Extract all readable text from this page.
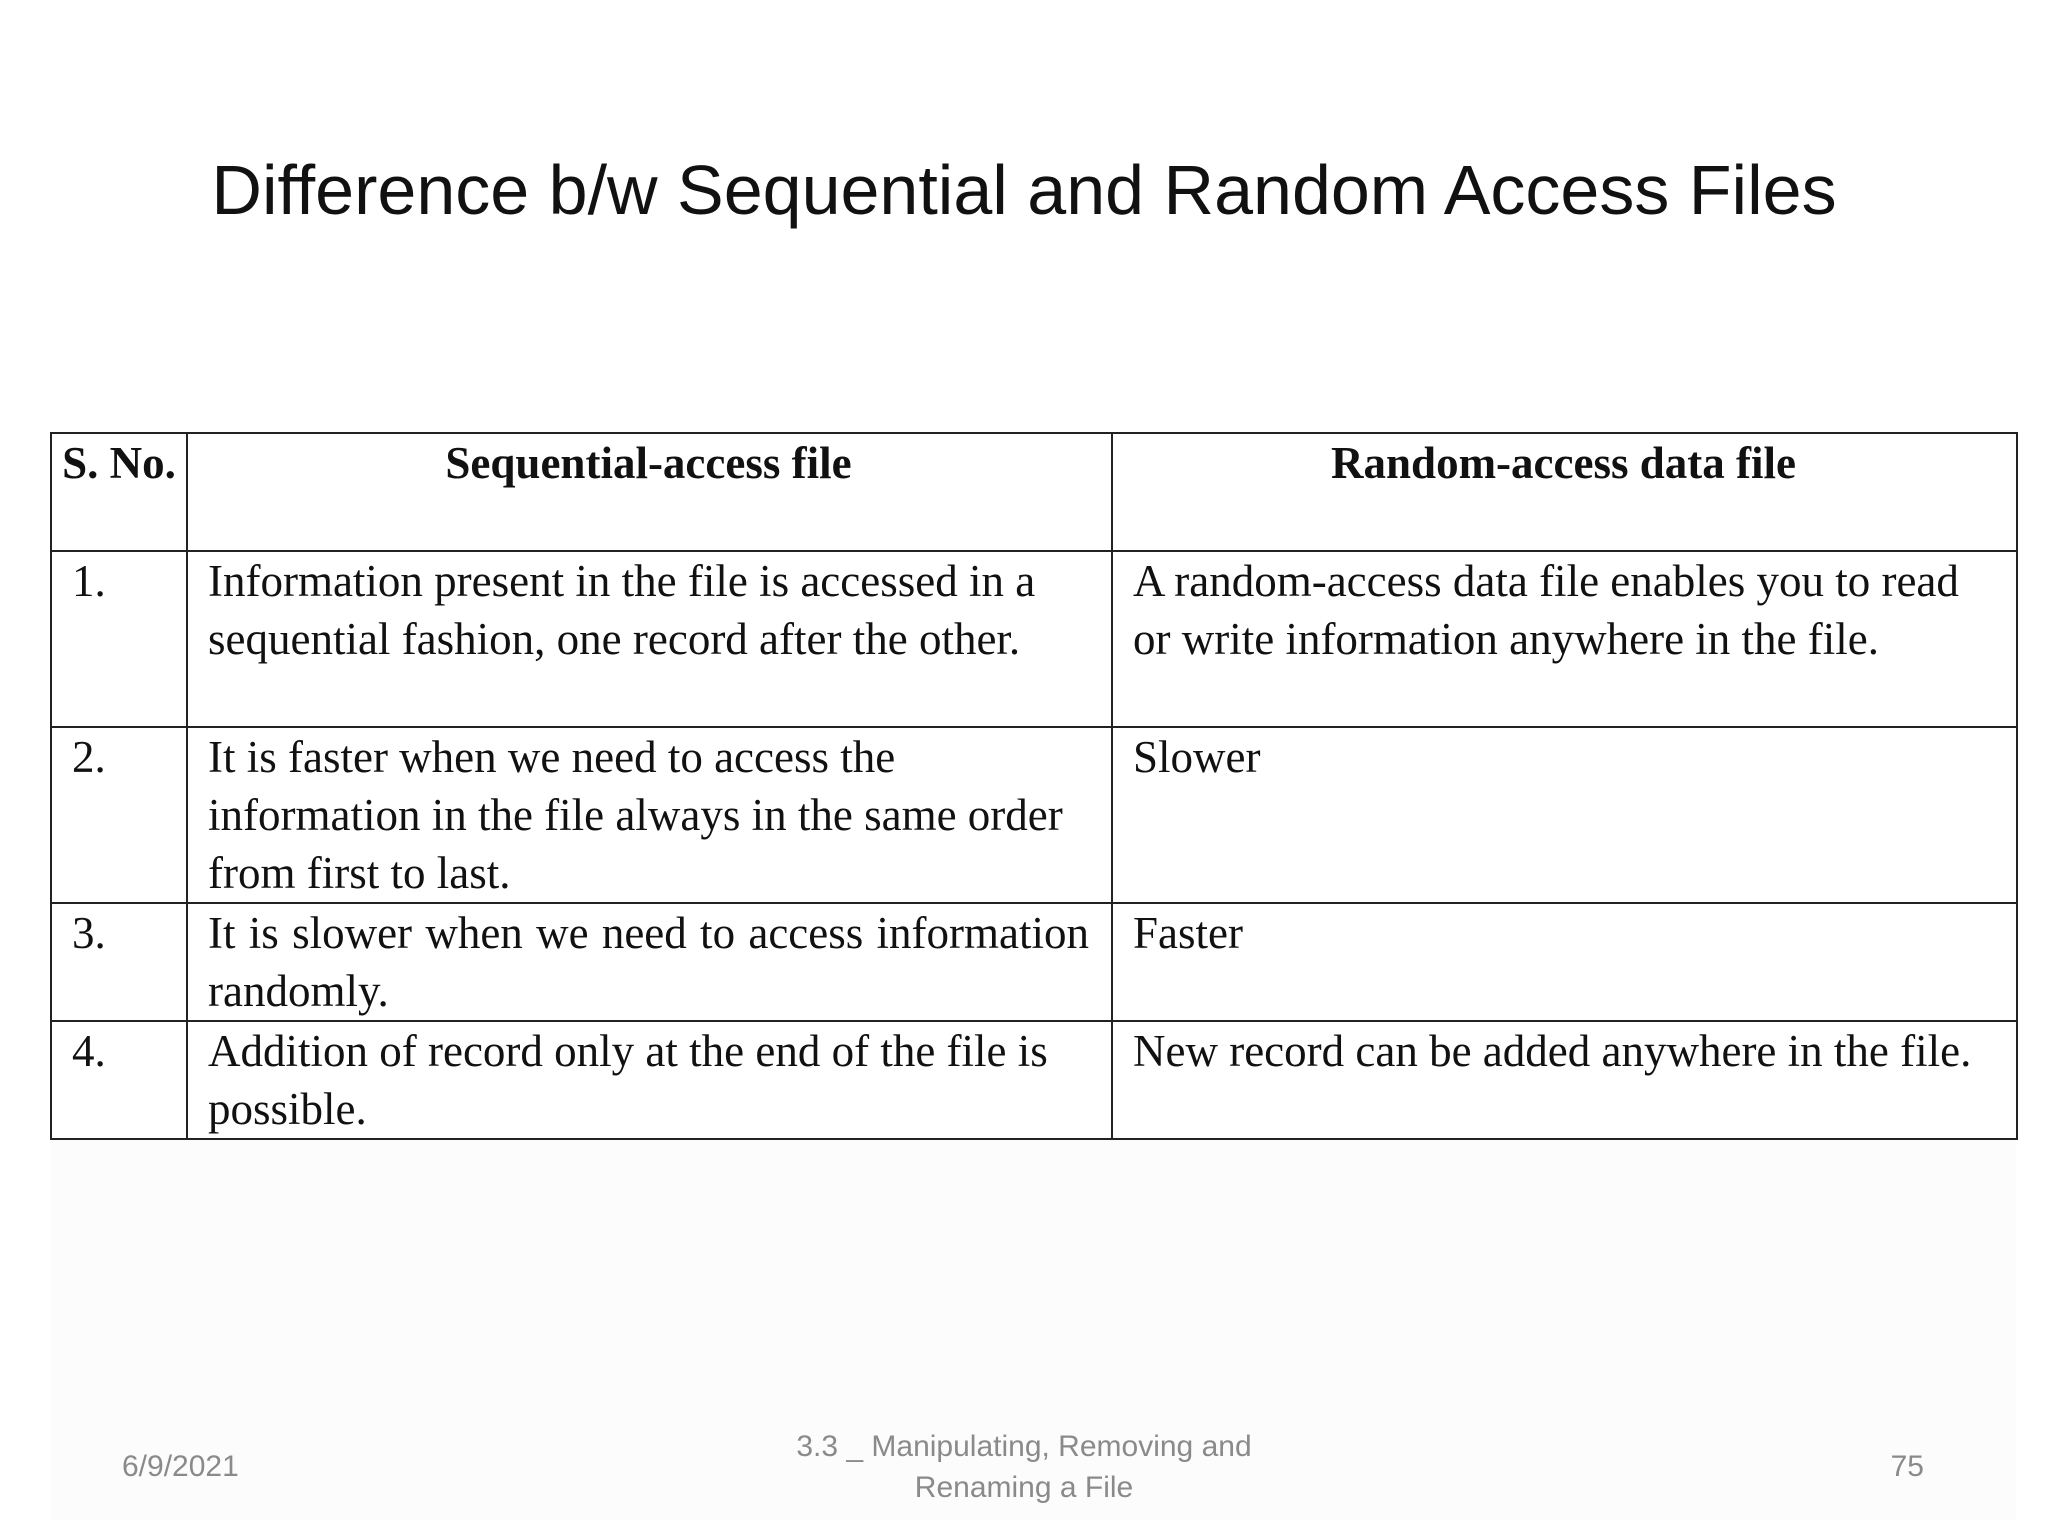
Difference b/w Sequential and Random Access Files
S. No.	Sequential-access file	Random-access data file
1.	Information present in the file is accessed in a sequential fashion, one record after the other.	A random-access data file enables you to read or write information anywhere in the file.
2.	It is faster when we need to access the information in the file always in the same order from first to last.	Slower
3.	It is slower when we need to access information randomly.	Faster
4.	Addition of record only at the end of the file is possible.	New record can be added anywhere in the file.
6/9/2021
3.3 _ Manipulating, Removing and
Renaming a File
75
